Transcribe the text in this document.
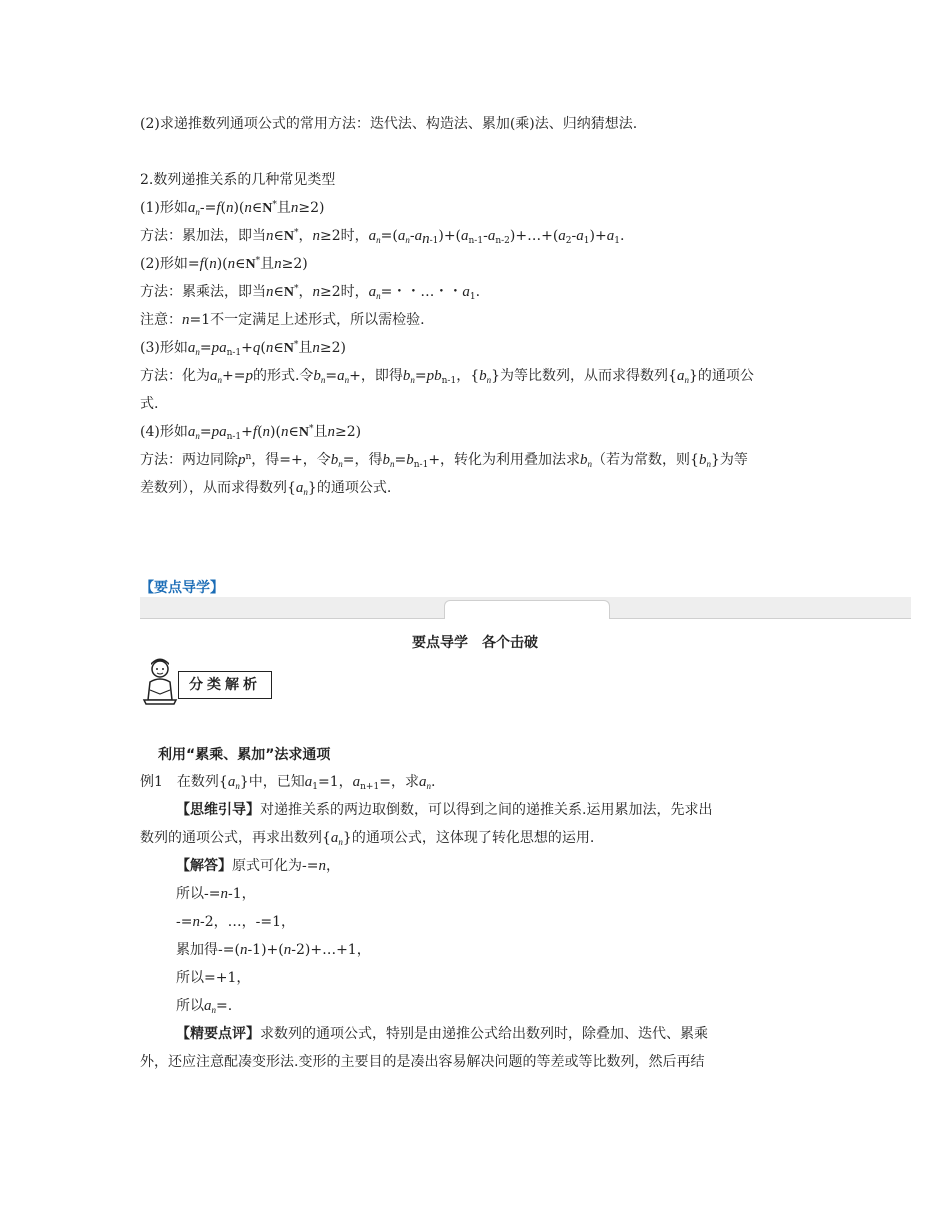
(2)求递推数列通项公式的常用方法：迭代法、构造法、累加(乘)法、归纳猜想法.
2.数列递推关系的几种常见类型
(1)形如$a_n-=f(n)(n\in N^*$且n≥2)
方法：累加法，即当n∈N*，n≥2时，$a_n=(a_n-a_{n-1})+(a_{n-1}-a_{n-2})+\dots+(a_2-a_1)+a_1$.
(2)形如=f(n)(n∈N*且n≥2)
方法：累乘法，即当n∈N*，n≥2时，$a_n=$・・…・・$a_1$.
注意：n=1不一定满足上述形式，所以需检验.
(3)形如$a_n=pa_{n-1}+q(n\in N^*$且n≥2)
方法：化为$a_n+=p$的形式.令$b_n=a_n+$，即得$b_n=pb_{n-1}$，$\{b_n\}$为等比数列，从而求得数列$\{a_n\}$的通项公
式.
(4)形如$a_n=pa_{n-1}+f(n)(n\in N^*$且n≥2)
方法：两边同除$p^n$，得=+，令$b_n=$，得$b_n=b_{n-1}+$，转化为利用叠加法求$b_n$（若为常数，则$\{b_n\}$为等
差数列），从而求得数列$\{a_n\}$的通项公式.
【要点导学】
要点导学　各个击破
分类解析
利用“累乘、累加”法求通项
例1　在数列$\{a_n\}$中，已知$a_1=1$，$a_{n+1}=$，求$a_n$.
【思维引导】对递推关系的两边取倒数，可以得到之间的递推关系.运用累加法，先求出
数列的通项公式，再求出数列$\{a_n\}$的通项公式，这体现了转化思想的运用.
【解答】原式可化为-=n，
所以-=n-1，
-=n-2，…，-=1，
累加得-=(n-1)+(n-2)+…+1，
所以=+1，
所以$a_n=$.
【精要点评】求数列的通项公式，特别是由递推公式给出数列时，除叠加、迭代、累乘
外，还应注意配凑变形法.变形的主要目的是凑出容易解决问题的等差或等比数列，然后再结
